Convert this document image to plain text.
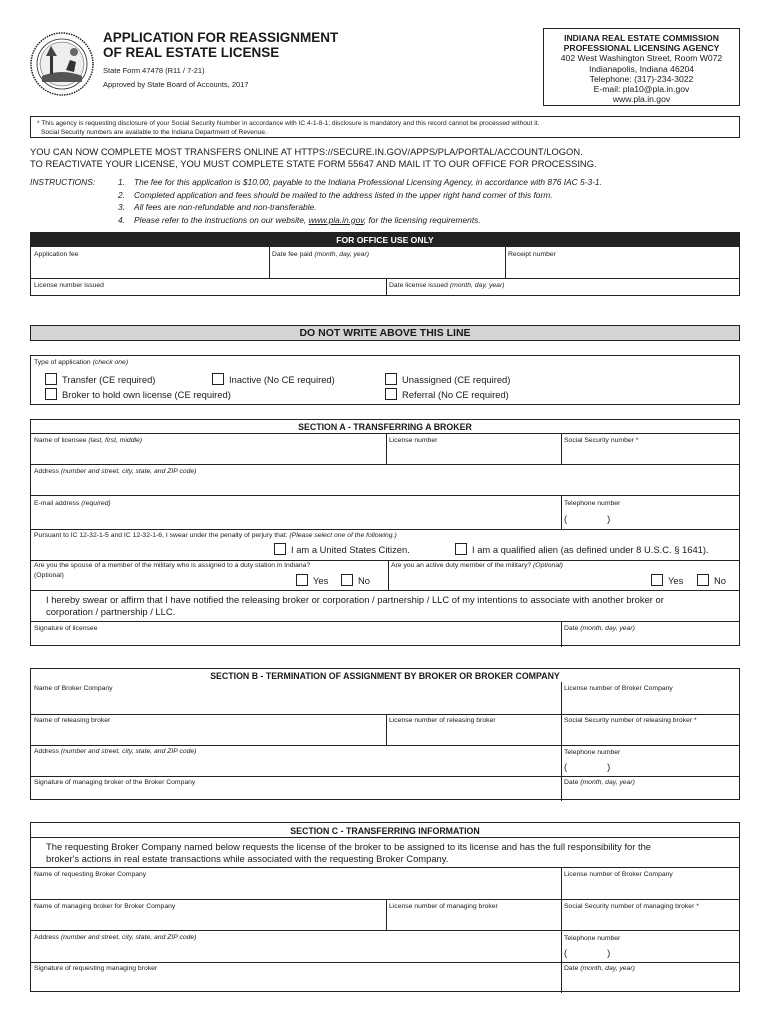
APPLICATION FOR REASSIGNMENT
OF REAL ESTATE LICENSE
State Form 47478 (R11 / 7-21)
Approved by State Board of Accounts, 2017
INDIANA REAL ESTATE COMMISSION
PROFESSIONAL LICENSING AGENCY
402 West Washington Street, Room W072
Indianapolis, Indiana 46204
Telephone: (317)-234-3022
E-mail: pla10@pla.in.gov
www.pla.in.gov
* This agency is requesting disclosure of your Social Security Number in accordance with IC 4-1-8-1; disclosure is mandatory and this record cannot be processed without it.
Social Security numbers are available to the Indiana Department of Revenue.
YOU CAN NOW COMPLETE MOST TRANSFERS ONLINE AT HTTPS://SECURE.IN.GOV/APPS/PLA/PORTAL/ACCOUNT/LOGON.
TO REACTIVATE YOUR LICENSE, YOU MUST COMPLETE STATE FORM 55647 AND MAIL IT TO OUR OFFICE FOR PROCESSING.
INSTRUCTIONS:	1. The fee for this application is $10.00, payable to the Indiana Professional Licensing Agency, in accordance with 876 IAC 5-3-1.
2. Completed application and fees should be mailed to the address listed in the upper right hand corner of this form.
3. All fees are non-refundable and non-transferable.
4. Please refer to the instructions on our website, www.pla.in.gov, for the licensing requirements.
FOR OFFICE USE ONLY
Application fee	Date fee paid (month, day, year)	Receipt number
License number issued	Date license issued (month, day, year)
DO NOT WRITE ABOVE THIS LINE
Type of application (check one)
Transfer (CE required)	Inactive (No CE required)	Unassigned (CE required)
Broker to hold own license (CE required)	Referral (No CE required)
SECTION A - TRANSFERRING A BROKER
Name of licensee (last, first, middle)	License number	Social Security number *
Address (number and street, city, state, and ZIP code)
E-mail address (required)	Telephone number
(	)
Pursuant to IC 12-32-1-5 and IC 12-32-1-6, I swear under the penalty of perjury that: (Please select one of the following.)
I am a United States Citizen.	I am a qualified alien (as defined under 8 U.S.C. § 1641).
Are you the spouse of a member of the military who is assigned to a duty station in Indiana?
(Optional)	Yes	No
Are you an active duty member of the military? (Optional)
Yes	No
I hereby swear or affirm that I have notified the releasing broker or corporation / partnership / LLC of my intentions to associate with another broker or
corporation / partnership / LLC.
Signature of licensee	Date (month, day, year)
SECTION B - TERMINATION OF ASSIGNMENT BY BROKER OR BROKER COMPANY
Name of Broker Company	License number of Broker Company
Name of releasing broker	License number of releasing broker	Social Security number of releasing broker *
Address (number and street, city, state, and ZIP code)	Telephone number
(	)
Signature of managing broker of the Broker Company	Date (month, day, year)
SECTION C - TRANSFERRING INFORMATION
The requesting Broker Company named below requests the license of the broker to be assigned to its license and has the full responsibility for the
broker's actions in real estate transactions while associated with the requesting Broker Company.
Name of requesting Broker Company	License number of Broker Company
Name of managing broker for Broker Company	License number of managing broker	Social Security number of managing broker *
Address (number and street, city, state, and ZIP code)	Telephone number
(	)
Signature of requesting managing broker	Date (month, day, year)
